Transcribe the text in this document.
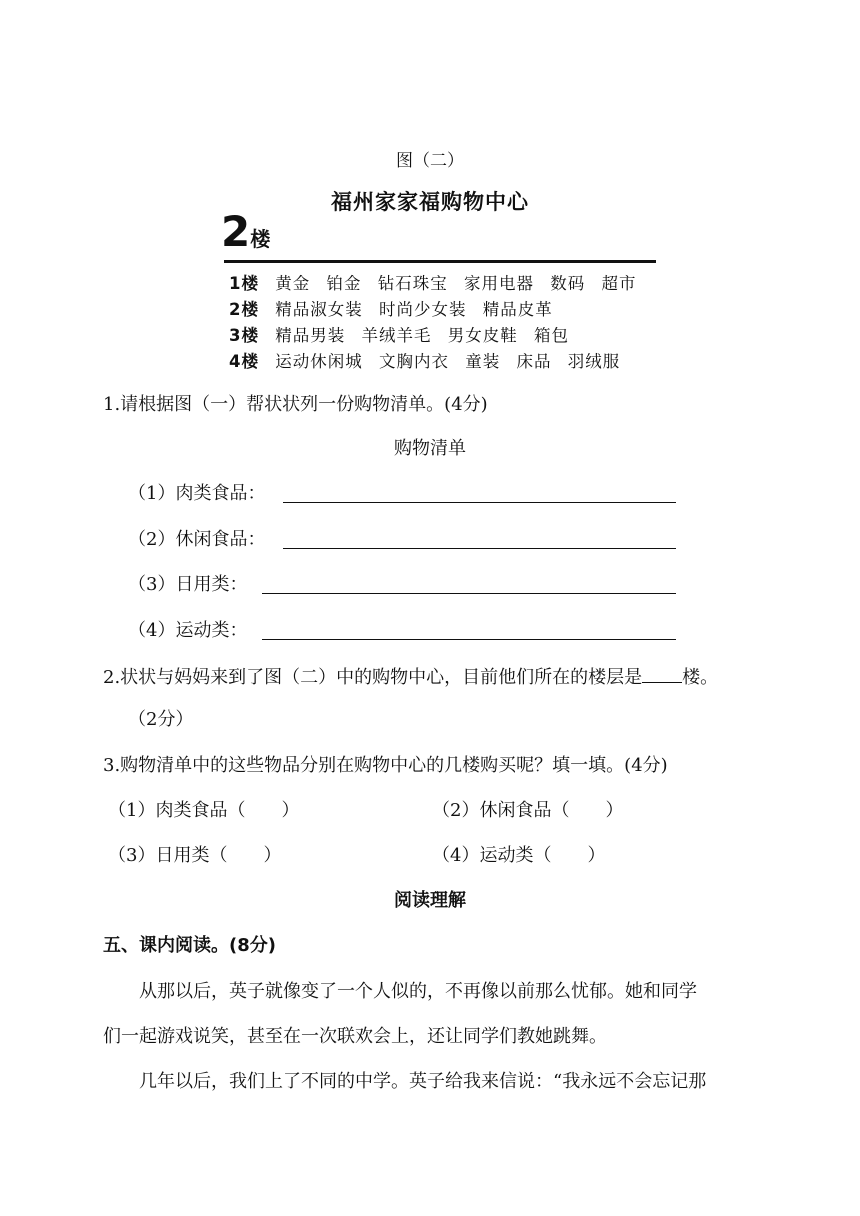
图（二）
福州家家福购物中心
2楼
1楼 黄金 铂金 钻石珠宝 家用电器 数码 超市
2楼 精品淑女装 时尚少女装 精品皮革
3楼 精品男装 羊绒羊毛 男女皮鞋 箱包
4楼 运动休闲城 文胸内衣 童装 床品 羽绒服
1.请根据图（一）帮状状列一份购物清单。(4分)
购物清单
（1）肉类食品：
（2）休闲食品：
（3）日用类：
（4）运动类：
2.状状与妈妈来到了图（二）中的购物中心，目前他们所在的楼层是 楼。
（2分）
3.购物清单中的这些物品分别在购物中心的几楼购买呢？填一填。(4分)
（1）肉类食品（　　）	（2）休闲食品（　　）
（3）日用类（　　）	（4）运动类（　　）
阅读理解
五、课内阅读。(8分)
从那以后，英子就像变了一个人似的，不再像以前那么忧郁。她和同学
们一起游戏说笑，甚至在一次联欢会上，还让同学们教她跳舞。
几年以后，我们上了不同的中学。英子给我来信说：“我永远不会忘记那
